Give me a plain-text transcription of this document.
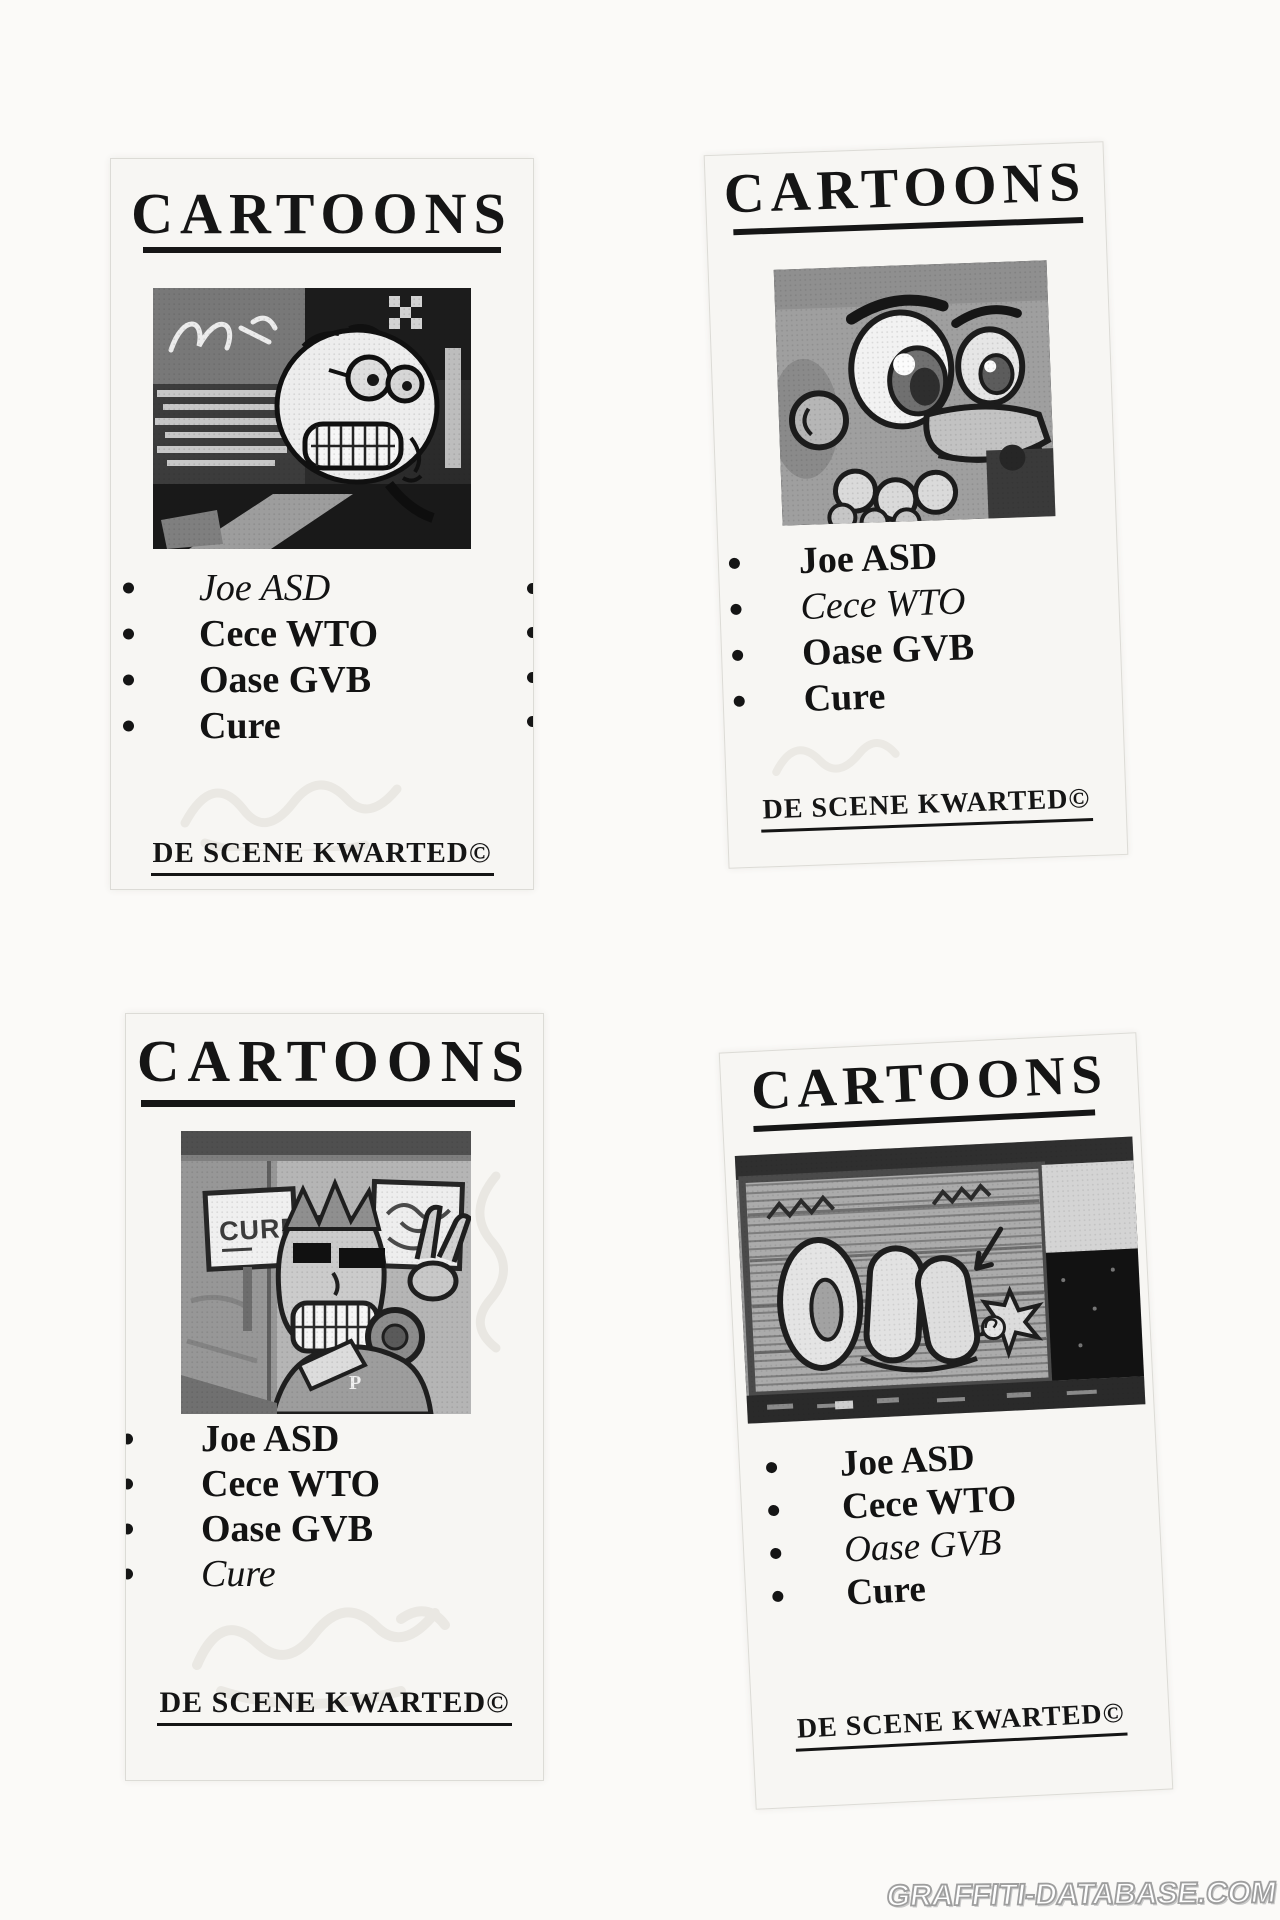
CARTOONS
Joe ASD
Cece WTO
Oase GVB
Cure
DE SCENE KWARTED©
CARTOONS
Joe ASD
Cece WTO
Oase GVB
Cure
DE SCENE KWARTED©
CARTOONS
Joe ASD
Cece WTO
Oase GVB
Cure
DE SCENE KWARTED©
CARTOONS
Joe ASD
Cece WTO
Oase GVB
Cure
DE SCENE KWARTED©
GRAFFITI-DATABASE.COM
